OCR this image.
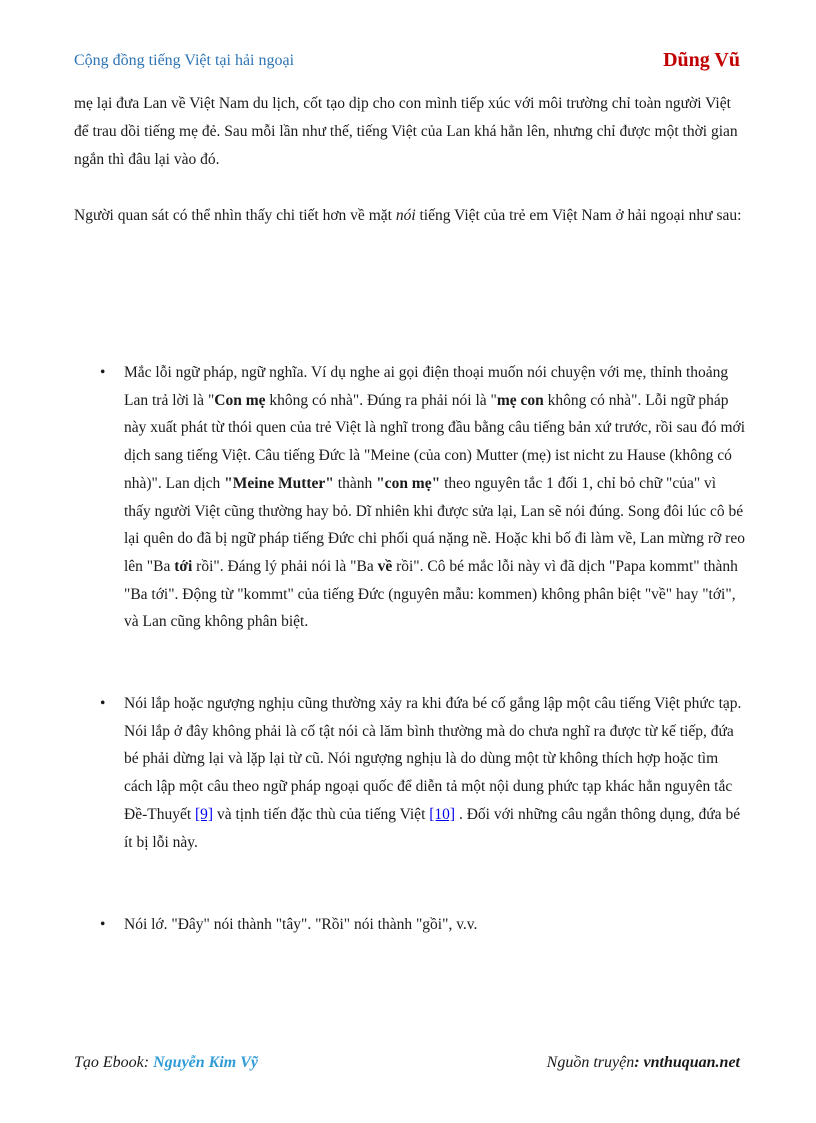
Cộng đồng tiếng Việt tại hải ngoại	Dũng Vũ

mẹ lại đưa Lan về Việt Nam du lịch, cốt tạo dịp cho con mình tiếp xúc với môi trường chỉ toàn người Việt để trau dồi tiếng mẹ đẻ. Sau mỗi lần như thế, tiếng Việt của Lan khá hẳn lên, nhưng chỉ được một thời gian ngắn thì đâu lại vào đó.

Người quan sát có thể nhìn thấy chi tiết hơn về mặt nói tiếng Việt của trẻ em Việt Nam ở hải ngoại như sau:

• Mắc lỗi ngữ pháp, ngữ nghĩa. Ví dụ nghe ai gọi điện thoại muốn nói chuyện với mẹ, thỉnh thoảng Lan trả lời là "Con mẹ không có nhà". Đúng ra phải nói là "mẹ con không có nhà". Lỗi ngữ pháp này xuất phát từ thói quen của trẻ Việt là nghĩ trong đầu bằng câu tiếng bản xứ trước, rồi sau đó mới dịch sang tiếng Việt. Câu tiếng Đức là "Meine (của con) Mutter (mẹ) ist nicht zu Hause (không có nhà)". Lan dịch "Meine Mutter" thành "con mẹ" theo nguyên tắc 1 đối 1, chỉ bỏ chữ "của" vì thấy người Việt cũng thường hay bỏ. Dĩ nhiên khi được sửa lại, Lan sẽ nói đúng. Song đôi lúc cô bé lại quên do đã bị ngữ pháp tiếng Đức chi phối quá nặng nề. Hoặc khi bố đi làm về, Lan mừng rỡ reo lên "Ba tới rồi". Đáng lý phải nói là "Ba về rồi". Cô bé mắc lỗi này vì đã dịch "Papa kommt" thành "Ba tới". Động từ "kommt" của tiếng Đức (nguyên mẫu: kommen) không phân biệt "về" hay "tới", và Lan cũng không phân biệt.
• Nói lắp hoặc ngượng nghịu cũng thường xảy ra khi đứa bé cố gắng lập một câu tiếng Việt phức tạp. Nói lắp ở đây không phải là cố tật nói cà lăm bình thường mà do chưa nghĩ ra được từ kế tiếp, đứa bé phải dừng lại và lặp lại từ cũ. Nói ngượng nghịu là do dùng một từ không thích hợp hoặc tìm cách lập một câu theo ngữ pháp ngoại quốc để diễn tả một nội dung phức tạp khác hẳn nguyên tắc Đề-Thuyết [9] và tịnh tiến đặc thù của tiếng Việt [10] . Đối với những câu ngắn thông dụng, đứa bé ít bị lỗi này.
• Nói lớ. "Đây" nói thành "tây". "Rồi" nói thành "gồi", v.v.
Tạo Ebook: Nguyễn Kim Vỹ	Nguồn truyện: vnthuquan.net
